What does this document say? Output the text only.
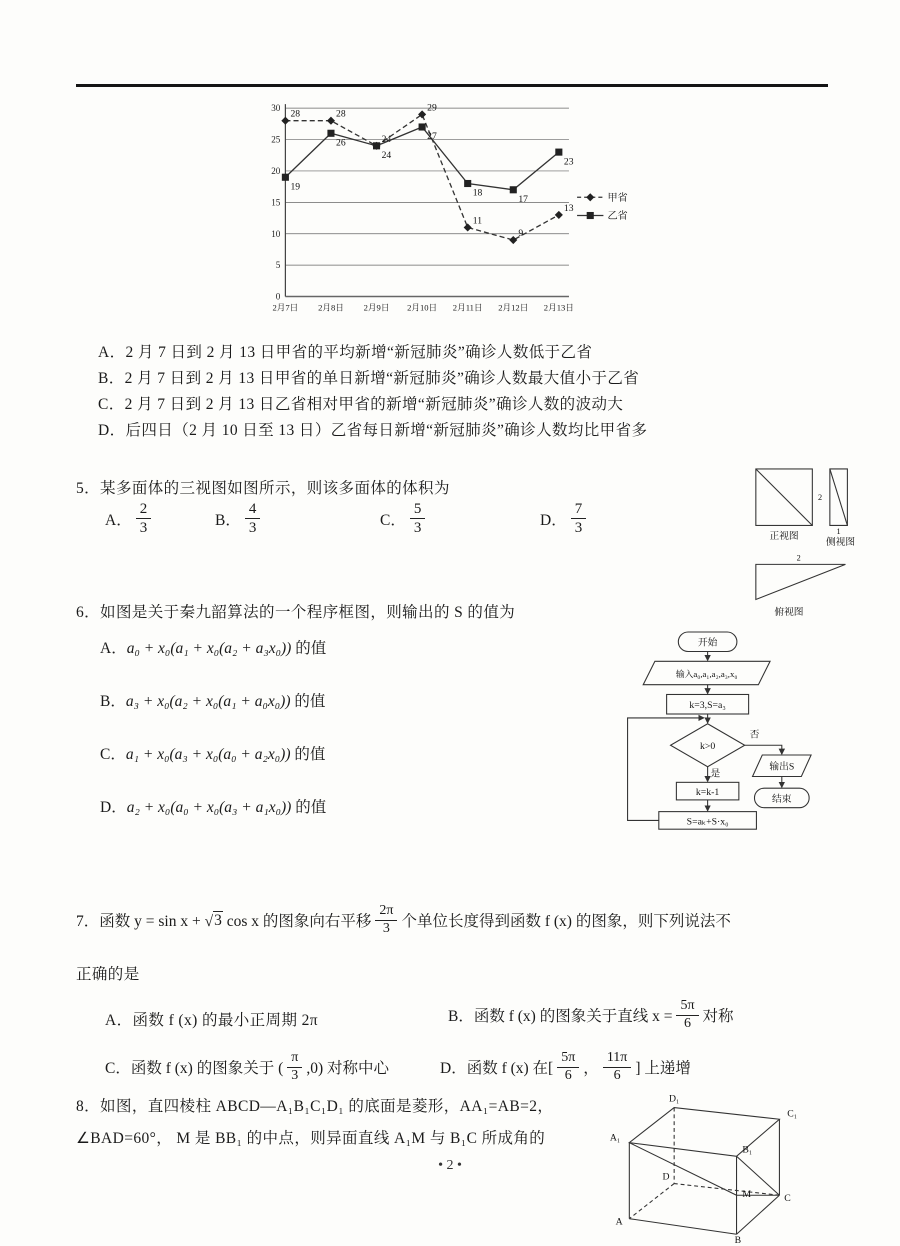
0
5
10
15
20
25
30
2月7日 2月8日 2月9日 2月10日 2月11日 2月12日 2月13日
28	28
24
29
11
9
13
19
26
24
27
18
17
23
甲省
乙省
A．2 月 7 日到 2 月 13 日甲省的平均新增“新冠肺炎”确诊人数低于乙省
B．2 月 7 日到 2 月 13 日甲省的单日新增“新冠肺炎”确诊人数最大值小于乙省
C．2 月 7 日到 2 月 13 日乙省相对甲省的新增“新冠肺炎”确诊人数的波动大
D．后四日（2 月 10 日至 13 日）乙省每日新增“新冠肺炎”确诊人数均比甲省多
5．某多面体的三视图如图所示，则该多面体的体积为
A． $\frac{2}{3}$	B． $\frac{4}{3}$	C． $\frac{5}{3}$	D． $\frac{7}{3}$
2
正视图	1
侧视图
2
俯视图
6．如图是关于秦九韶算法的一个程序框图，则输出的 S 的值为
A．a₀ + x₀(a₁ + x₀(a₂ + a₃x₀)) 的值
B．a₃ + x₀(a₂ + x₀(a₁ + a₀x₀)) 的值
C．a₁ + x₀(a₃ + x₀(a₀ + a₂x₀)) 的值
D．a₂ + x₀(a₀ + x₀(a₃ + a₁x₀)) 的值
开始
输入a₀,a₁,a₂,a₃,x₀
k=3,S=a₃
k>0
否
输出S
结束
是
k=k-1
S=aₖ+S·x₀
7．函数 y = sin x + √ 3 cos x 的图象向右平移 $\frac{2\pi}{3}$ 个单位长度得到函数 f (x) 的图象，则下列说法不
正确的是
A．函数 f (x) 的最小正周期 2π	B．函数 f (x) 的图象关于直线 $x = \frac{5\pi}{6}$ 对称
C．函数 f (x) 的图象关于 ( $\frac{\pi}{3} ,0$) 对称中心	D．函数 f (x) 在[ $\frac{5\pi}{6}$ ， $\frac{11\pi}{6}$ ] 上递增
8．如图，直四棱柱 ABCD—A₁B₁C₁D₁ 的底面是菱形，AA₁=AB=2，
∠BAD=60°， M 是 BB₁ 的中点，则异面直线 A₁M 与 B₁C 所成角的
D₁
C₁
A₁
B₁
M
D
C
A
B
• 2 •
